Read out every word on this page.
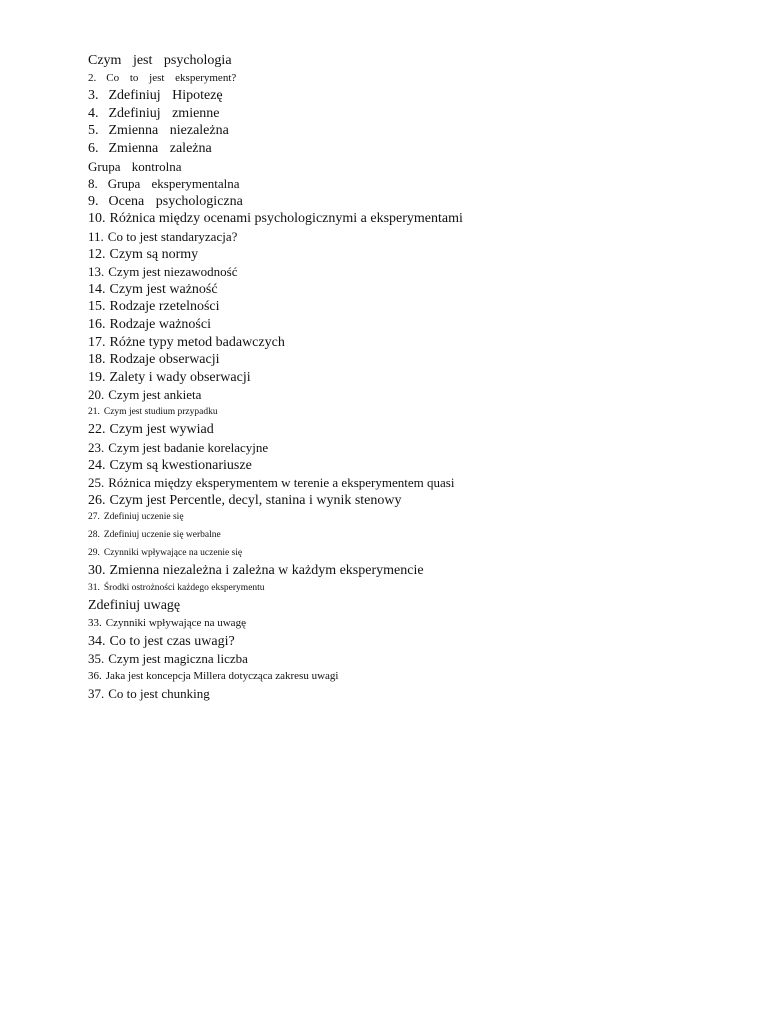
Czym jest psychologia
2. Co to jest eksperyment?
3. Zdefiniuj Hipotezę
4. Zdefiniuj zmienne
5. Zmienna niezależna
6. Zmienna zależna
Grupa kontrolna
8. Grupa eksperymentalna
9. Ocena psychologiczna
10. Różnica między ocenami psychologicznymi a eksperymentami
11. Co to jest standaryzacja?
12. Czym są normy
13. Czym jest niezawodność
14. Czym jest ważność
15. Rodzaje rzetelności
16. Rodzaje ważności
17. Różne typy metod badawczych
18. Rodzaje obserwacji
19. Zalety i wady obserwacji
20. Czym jest ankieta
21. Czym jest studium przypadku
22. Czym jest wywiad
23. Czym jest badanie korelacyjne
24. Czym są kwestionariusze
25. Różnica między eksperymentem w terenie a eksperymentem quasi
26. Czym jest Percentle, decyl, stanina i wynik stenowy
27. Zdefiniuj uczenie się
28. Zdefiniuj uczenie się werbalne
29. Czynniki wpływające na uczenie się
30. Zmienna niezależna i zależna w każdym eksperymencie
31. Środki ostrożności każdego eksperymentu
Zdefiniuj uwagę
33. Czynniki wpływające na uwagę
34. Co to jest czas uwagi?
35. Czym jest magiczna liczba
36. Jaka jest koncepcja Millera dotycząca zakresu uwagi
37. Co to jest chunking
